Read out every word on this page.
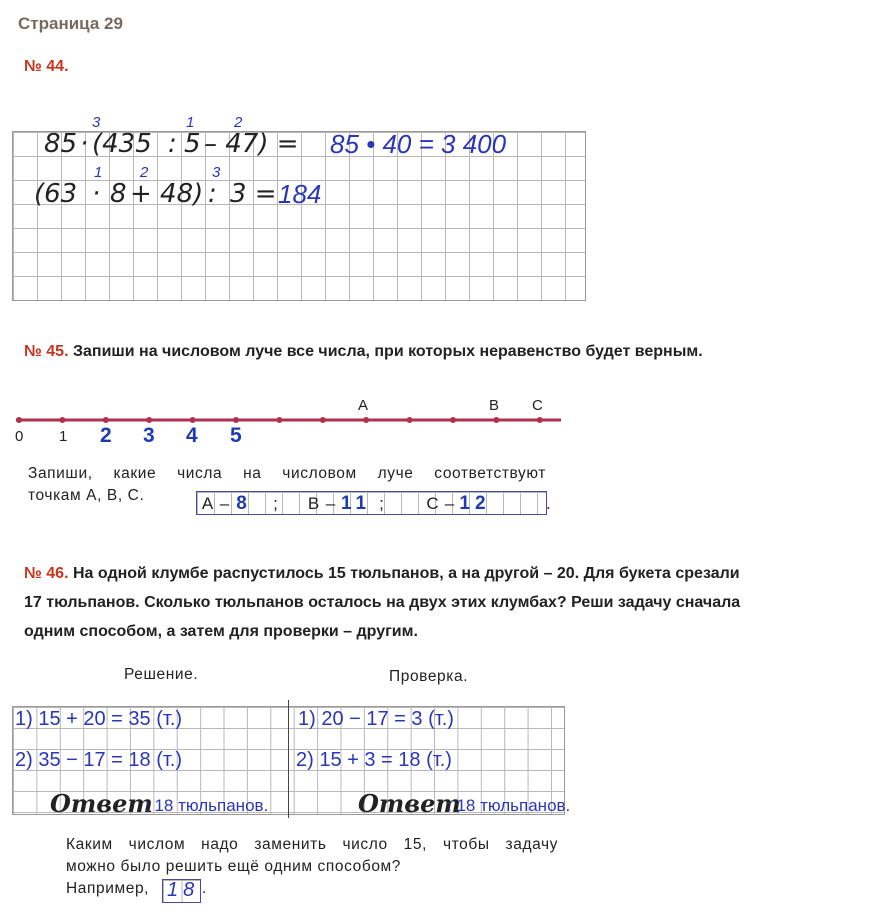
Страница 29
№ 44.
85 · (435 : 5 – 47) = 85 • 40 = 3 400
3	1	2
(63 · 8 + 48) : 3 = 184
1	2	3
№ 45. Запиши на числовом луче все числа, при которых неравенство будет верным.
0 1 2 3 4 5
A	B C
Запиши, какие числа на числовом луче соответствуют
точкам A, B, C.	A – 8 ; B – 11 ;	C – 12	.
№ 46. На одной клумбе распустилось 15 тюльпанов, а на другой – 20. Для букета срезали
17 тюльпанов. Сколько тюльпанов осталось на двух этих клумбах? Реши задачу сначала
одним способом, а затем для проверки – другим.
Решение.	Проверка.
1) 15 + 20 = 35 (т.)
2) 35 − 17 = 18 (т.)
1) 20 − 17 = 3 (т.)
2) 15 + 3 = 18 (т.)
Ответ
: 18 тюльпанов.	Ответ
: 18 тюльпанов.
Каким числом надо заменить число 15, чтобы задачу
можно было решить ещё одним способом?
Например, 18 .
